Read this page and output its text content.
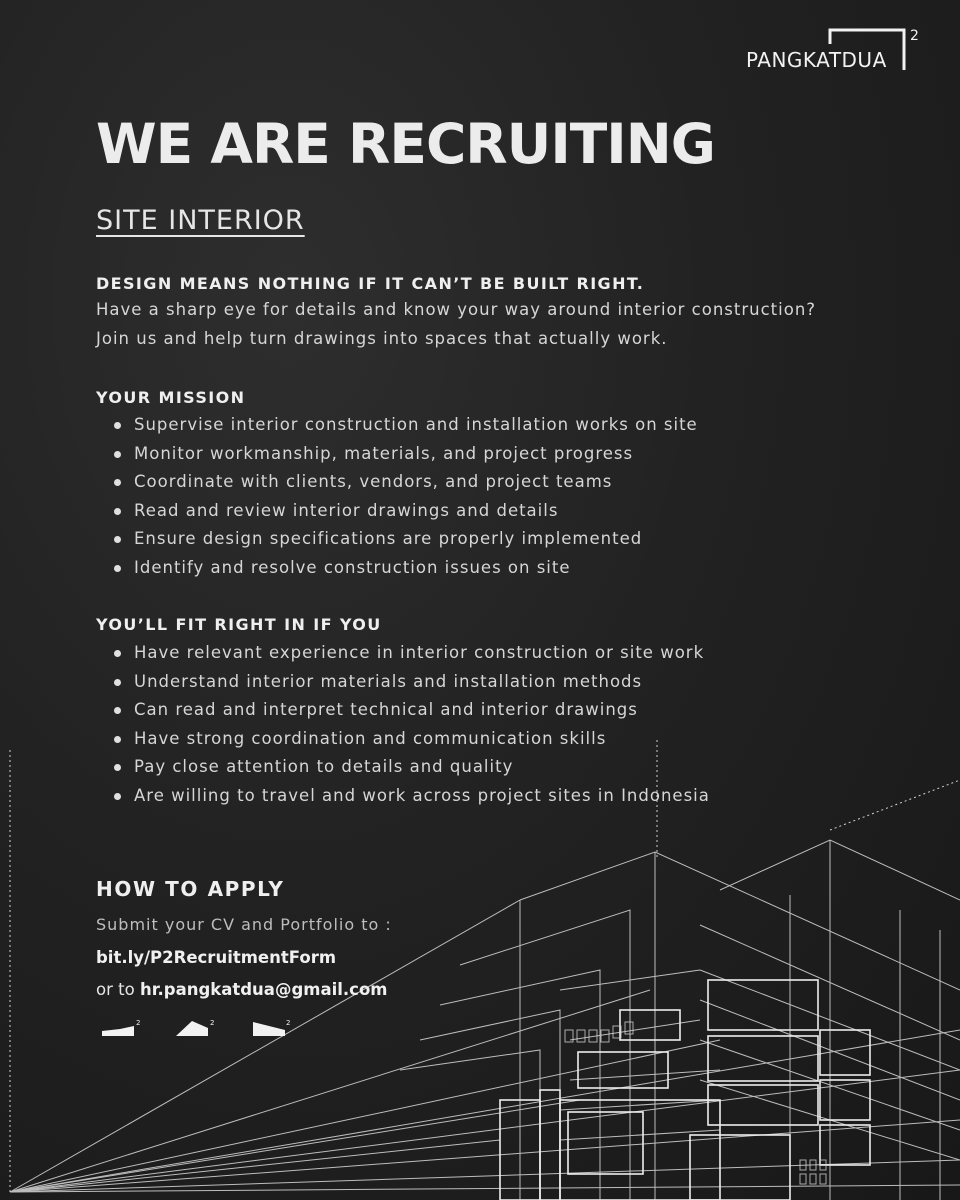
PANGKATDUA
2
WE ARE RECRUITING
SITE INTERIOR
DESIGN MEANS NOTHING IF IT CAN’T BE BUILT RIGHT.
Have a sharp eye for details and know your way around interior construction?
Join us and help turn drawings into spaces that actually work.
YOUR MISSION
Supervise interior construction and installation works on site
Monitor workmanship, materials, and project progress
Coordinate with clients, vendors, and project teams
Read and review interior drawings and details
Ensure design specifications are properly implemented
Identify and resolve construction issues on site
YOU’LL FIT RIGHT IN IF YOU
Have relevant experience in interior construction or site work
Understand interior materials and installation methods
Can read and interpret technical and interior drawings
Have strong coordination and communication skills
Pay close attention to details and quality
Are willing to travel and work across project sites in Indonesia
HOW TO APPLY
Submit your CV and Portfolio to :
bit.ly/P2RecruitmentForm
or to hr.pangkatdua@gmail.com
2	2	2
